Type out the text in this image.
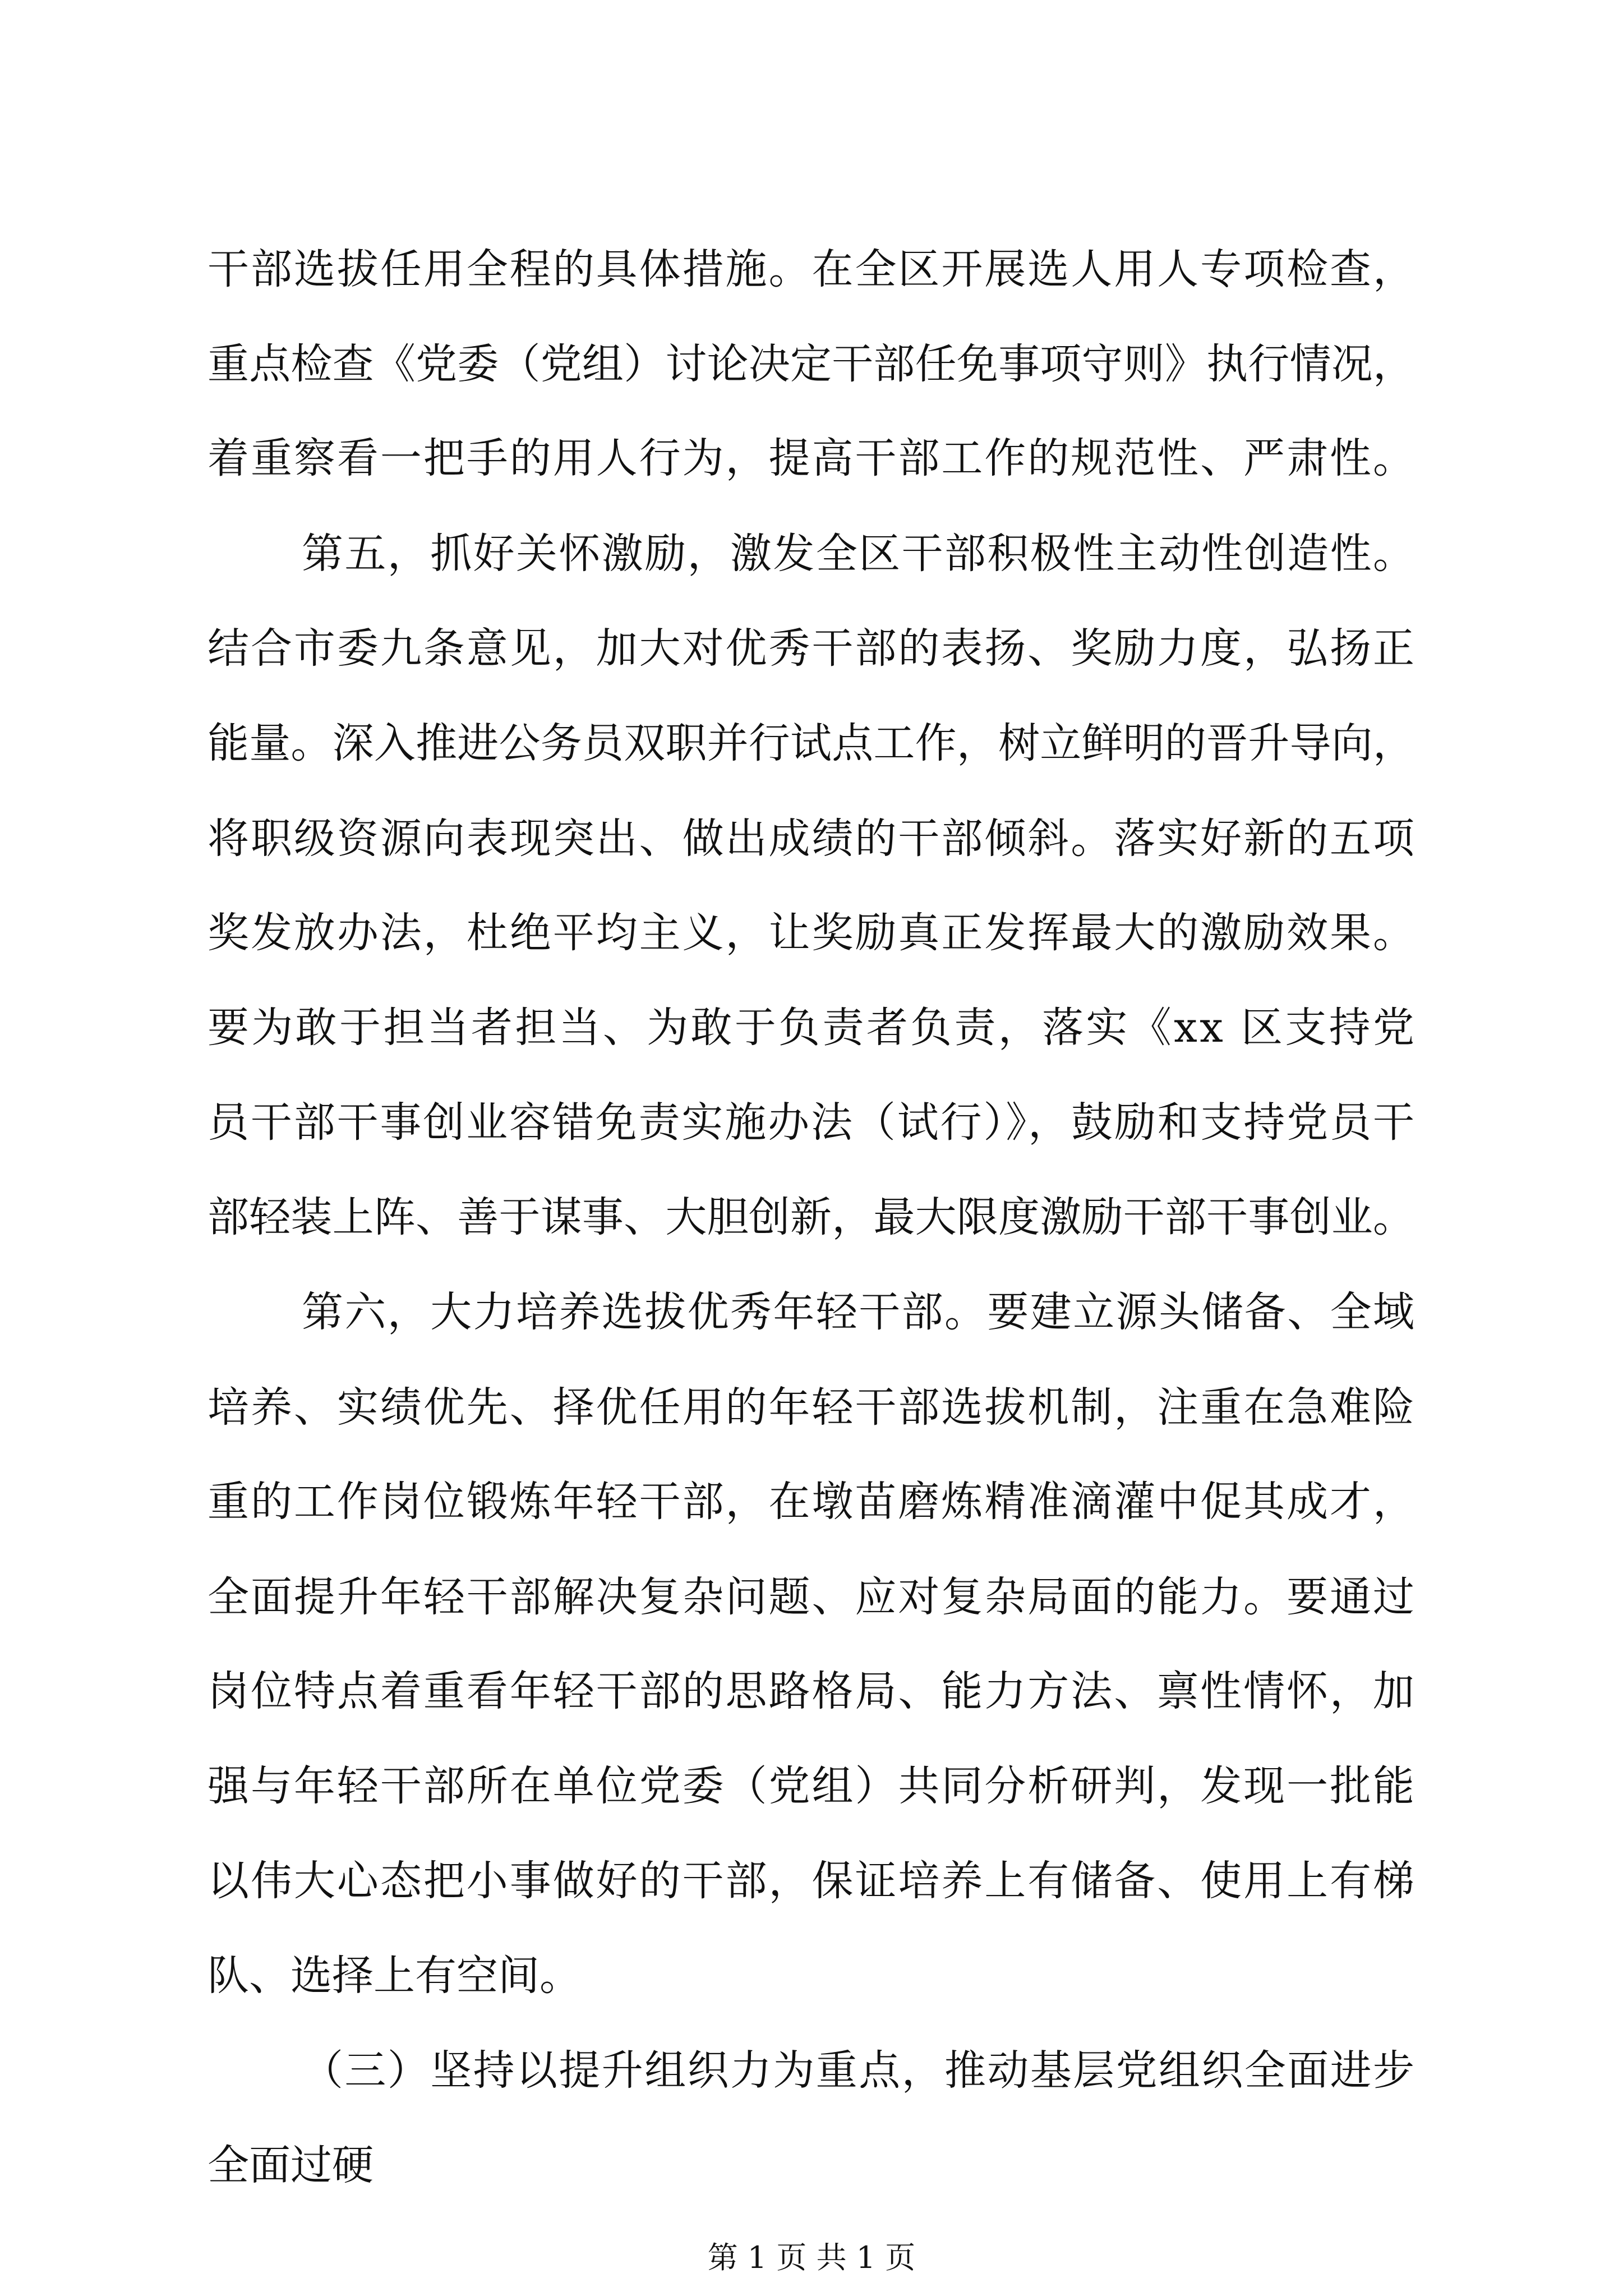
干部选拔任用全程的具体措施。在全区开展选人用人专项检查，
重点检查《党委（党组）讨论决定干部任免事项守则》执行情况，
着重察看一把手的用人行为，提高干部工作的规范性、严肃性。
第五，抓好关怀激励，激发全区干部积极性主动性创造性。
结合市委九条意见，加大对优秀干部的表扬、奖励力度，弘扬正
能量。深入推进公务员双职并行试点工作，树立鲜明的晋升导向，
将职级资源向表现突出、做出成绩的干部倾斜。落实好新的五项
奖发放办法，杜绝平均主义，让奖励真正发挥最大的激励效果。
要为敢于担当者担当、为敢于负责者负责，落实《xx 区支持党
员干部干事创业容错免责实施办法（试行）》，鼓励和支持党员干
部轻装上阵、善于谋事、大胆创新，最大限度激励干部干事创业。
第六，大力培养选拔优秀年轻干部。要建立源头储备、全域
培养、实绩优先、择优任用的年轻干部选拔机制，注重在急难险
重的工作岗位锻炼年轻干部，在墩苗磨炼精准滴灌中促其成才，
全面提升年轻干部解决复杂问题、应对复杂局面的能力。要通过
岗位特点着重看年轻干部的思路格局、能力方法、禀性情怀，加
强与年轻干部所在单位党委（党组）共同分析研判，发现一批能
以伟大心态把小事做好的干部，保证培养上有储备、使用上有梯
队、选择上有空间。
（三）坚持以提升组织力为重点，推动基层党组织全面进步
全面过硬
第 1 页 共 1 页
